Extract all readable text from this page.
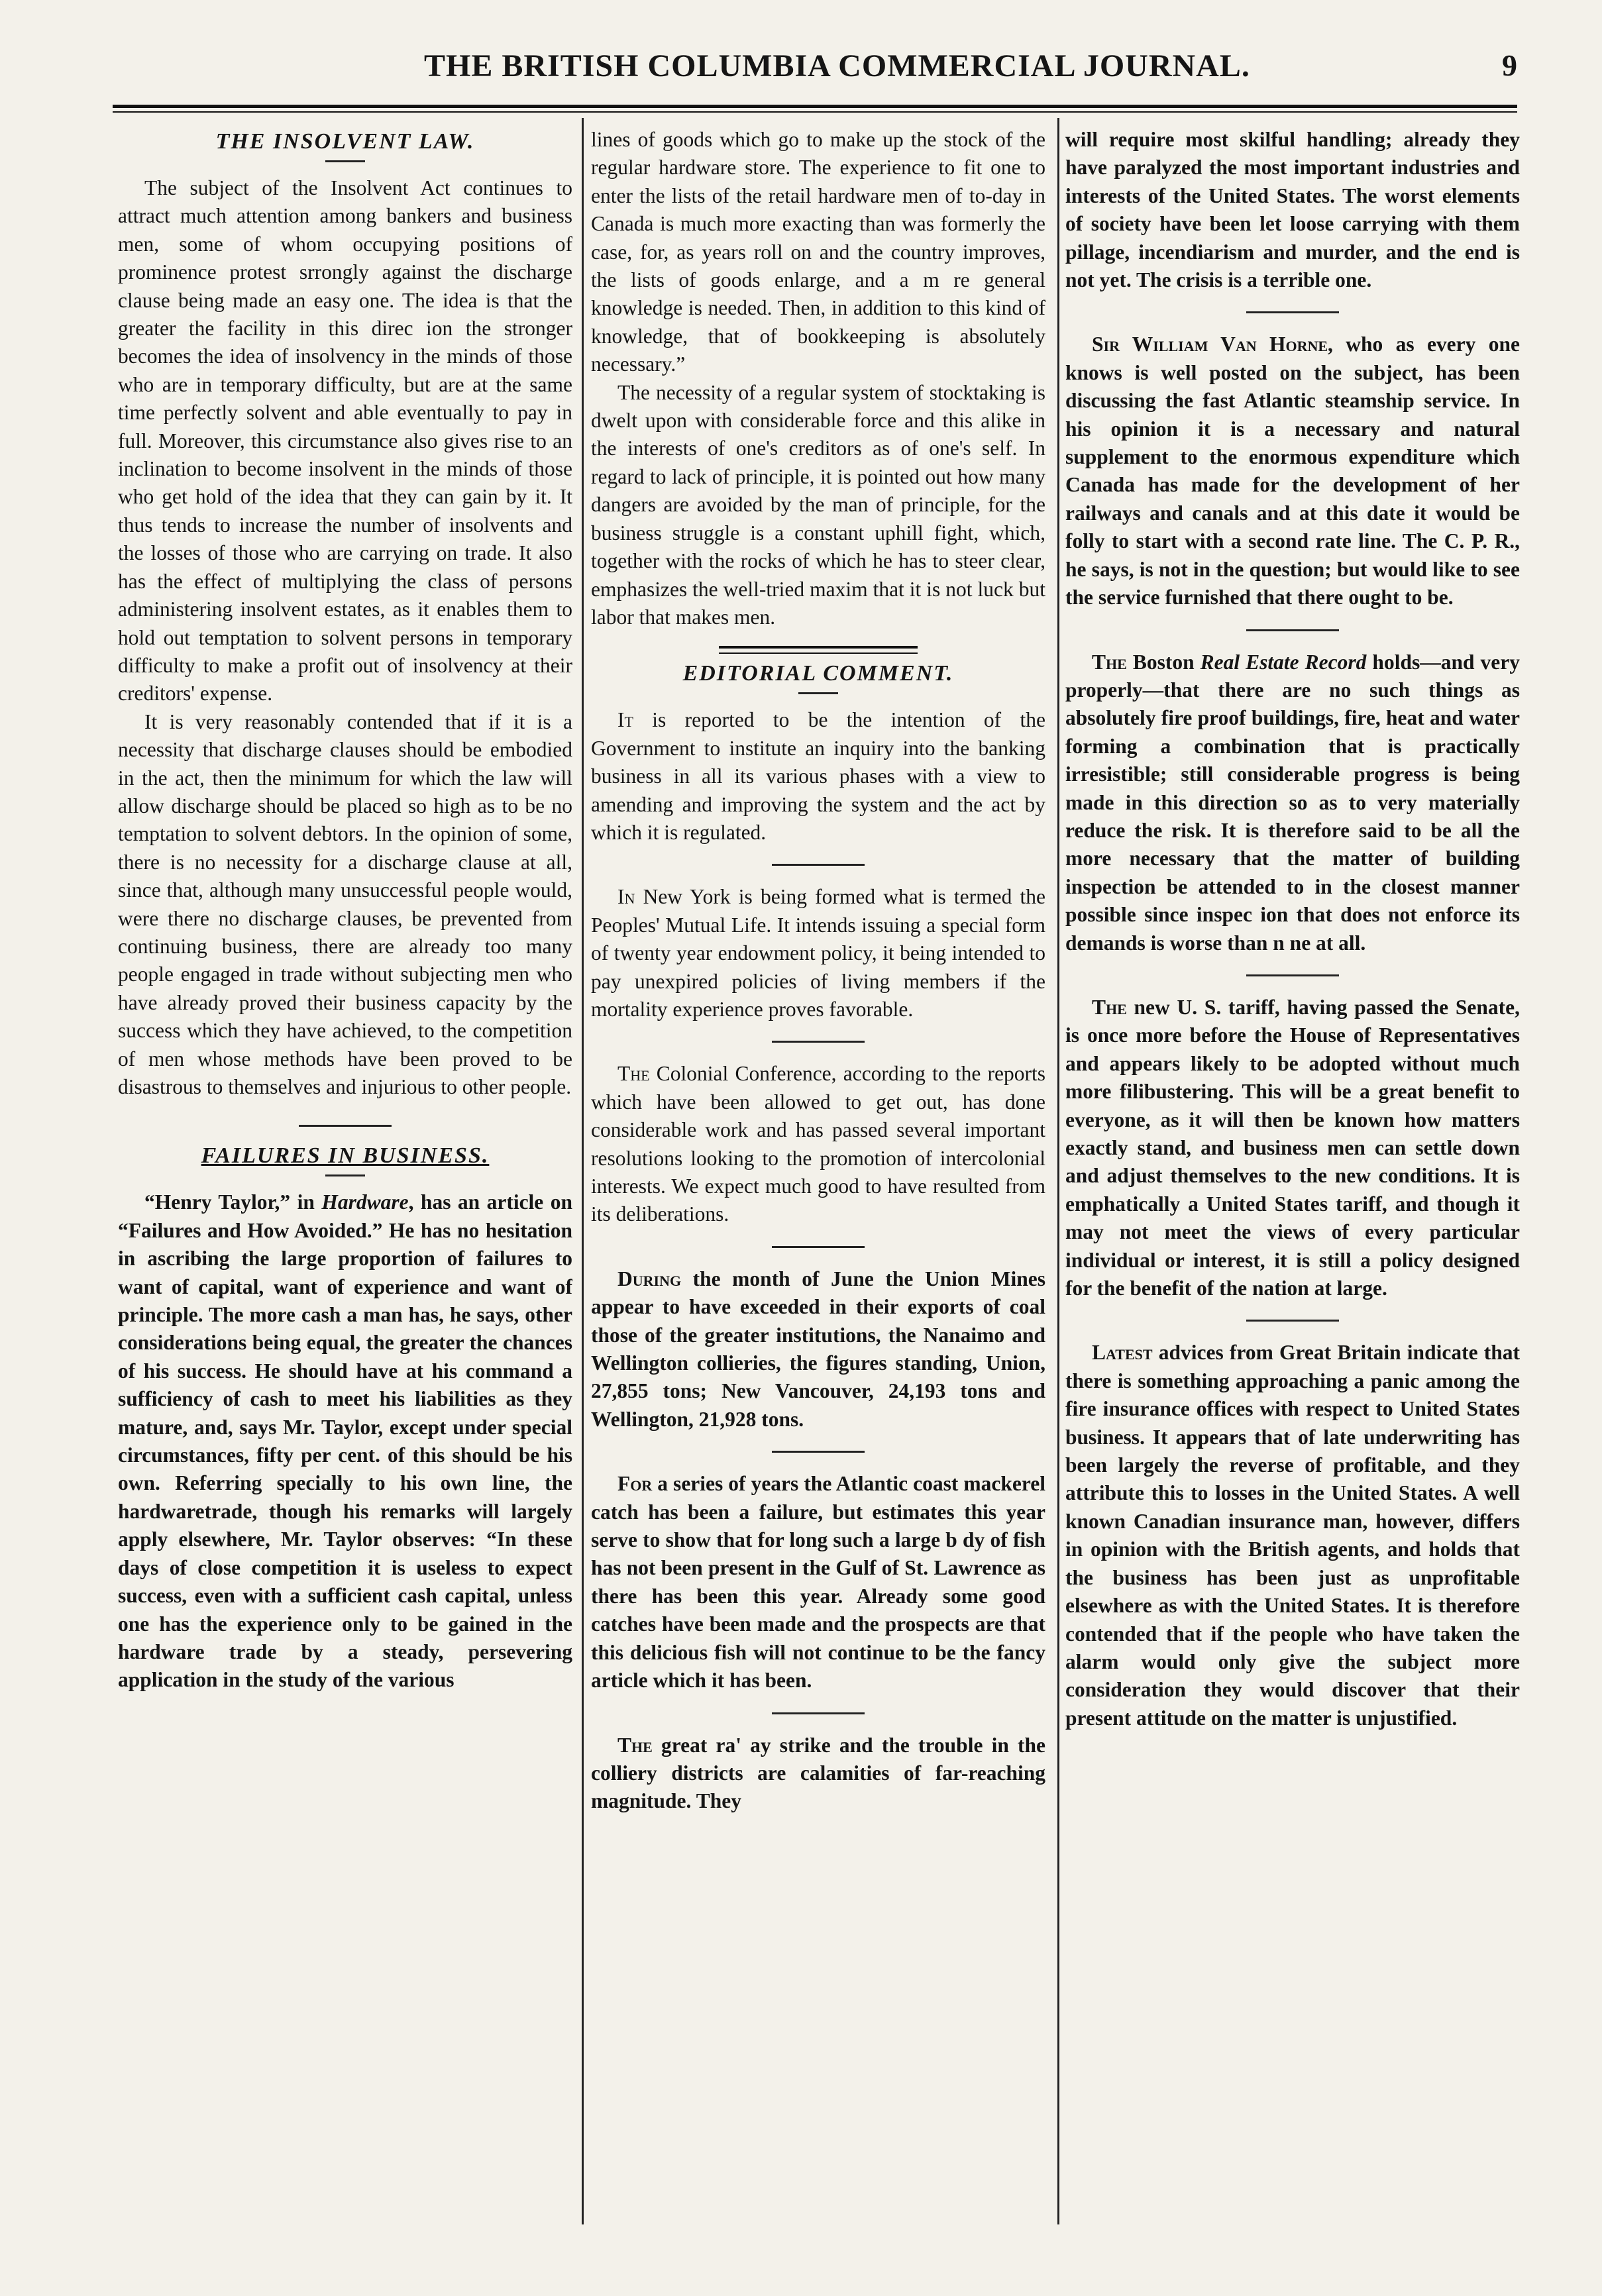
THE BRITISH COLUMBIA COMMERCIAL JOURNAL.	9
THE INSOLVENT LAW.

The subject of the Insolvent Act continues to attract much attention among bankers and business men, some of whom occupying positions of prominence protest srrongly against the discharge clause being made an easy one. The idea is that the greater the facility in this direc ion the stronger becomes the idea of insolvency in the minds of those who are in temporary difficulty, but are at the same time perfectly solvent and able eventually to pay in full. Moreover, this circumstance also gives rise to an inclination to become insolvent in the minds of those who get hold of the idea that they can gain by it. It thus tends to increase the number of insolvents and the losses of those who are carrying on trade. It also has the effect of multiplying the class of persons administering insolvent estates, as it enables them to hold out temptation to solvent persons in temporary difficulty to make a profit out of insolvency at their creditors' expense.

It is very reasonably contended that if it is a necessity that discharge clauses should be embodied in the act, then the minimum for which the law will allow discharge should be placed so high as to be no temptation to solvent debtors. In the opinion of some, there is no necessity for a discharge clause at all, since that, although many unsuccessful people would, were there no discharge clauses, be prevented from continuing business, there are already too many people engaged in trade without subjecting men who have already proved their business capacity by the success which they have achieved, to the competition of men whose methods have been proved to be disastrous to themselves and injurious to other people.

FAILURES IN BUSINESS.

“Henry Taylor,” in Hardware, has an article on “Failures and How Avoided.” He has no hesitation in ascribing the large proportion of failures to want of capital, want of experience and want of principle. The more cash a man has, he says, other considerations being equal, the greater the chances of his success. He should have at his command a sufficiency of cash to meet his liabilities as they mature, and, says Mr. Taylor, except under special circumstances, fifty per cent. of this should be his own. Referring specially to his own line, the hardwaretrade, though his remarks will largely apply elsewhere, Mr. Taylor observes: “In these days of close competition it is useless to expect success, even with a sufficient cash capital, unless one has the experience only to be gained in the hardware trade by a steady, persevering application in the study of the various

lines of goods which go to make up the stock of the regular hardware store. The experience to fit one to enter the lists of the retail hardware men of to-day in Canada is much more exacting than was formerly the case, for, as years roll on and the country improves, the lists of goods enlarge, and a m re general knowledge is needed. Then, in addition to this kind of knowledge, that of bookkeeping is absolutely necessary.”

The necessity of a regular system of stocktaking is dwelt upon with considerable force and this alike in the interests of one's creditors as of one's self. In regard to lack of principle, it is pointed out how many dangers are avoided by the man of principle, for the business struggle is a constant uphill fight, which, together with the rocks of which he has to steer clear, emphasizes the well-tried maxim that it is not luck but labor that makes men.

EDITORIAL COMMENT.

It is reported to be the intention of the Government to institute an inquiry into the banking business in all its various phases with a view to amending and improving the system and the act by which it is regulated.

In New York is being formed what is termed the Peoples' Mutual Life. It intends issuing a special form of twenty year endowment policy, it being intended to pay unexpired policies of living members if the mortality experience proves favorable.

The Colonial Conference, according to the reports which have been allowed to get out, has done considerable work and has passed several important resolutions looking to the promotion of intercolonial interests. We expect much good to have resulted from its deliberations.

During the month of June the Union Mines appear to have exceeded in their exports of coal those of the greater institutions, the Nanaimo and Wellington collieries, the figures standing, Union, 27,855 tons; New Vancouver, 24,193 tons and Wellington, 21,928 tons.

For a series of years the Atlantic coast mackerel catch has been a failure, but estimates this year serve to show that for long such a large b dy of fish has not been present in the Gulf of St. Lawrence as there has been this year. Already some good catches have been made and the prospects are that this delicious fish will not continue to be the fancy article which it has been.

The great ra' ay strike and the trouble in the colliery districts are calamities of far-reaching magnitude. They

will require most skilful handling; already they have paralyzed the most important industries and interests of the United States. The worst elements of society have been let loose carrying with them pillage, incendiarism and murder, and the end is not yet. The crisis is a terrible one.

Sir William Van Horne, who as every one knows is well posted on the subject, has been discussing the fast Atlantic steamship service. In his opinion it is a necessary and natural supplement to the enormous expenditure which Canada has made for the development of her railways and canals and at this date it would be folly to start with a second rate line. The C. P. R., he says, is not in the question; but would like to see the service furnished that there ought to be.

The Boston Real Estate Record holds—and very properly—that there are no such things as absolutely fire proof buildings, fire, heat and water forming a combination that is practically irresistible; still considerable progress is being made in this direction so as to very materially reduce the risk. It is therefore said to be all the more necessary that the matter of building inspection be attended to in the closest manner possible since inspec ion that does not enforce its demands is worse than n ne at all.

The new U. S. tariff, having passed the Senate, is once more before the House of Representatives and appears likely to be adopted without much more filibustering. This will be a great benefit to everyone, as it will then be known how matters exactly stand, and business men can settle down and adjust themselves to the new conditions. It is emphatically a United States tariff, and though it may not meet the views of every particular individual or interest, it is still a policy designed for the benefit of the nation at large.

Latest advices from Great Britain indicate that there is something approaching a panic among the fire insurance offices with respect to United States business. It appears that of late underwriting has been largely the reverse of profitable, and they attribute this to losses in the United States. A well known Canadian insurance man, however, differs in opinion with the British agents, and holds that the business has been just as unprofitable elsewhere as with the United States. It is therefore contended that if the people who have taken the alarm would only give the subject more consideration they would discover that their present attitude on the matter is unjustified.
